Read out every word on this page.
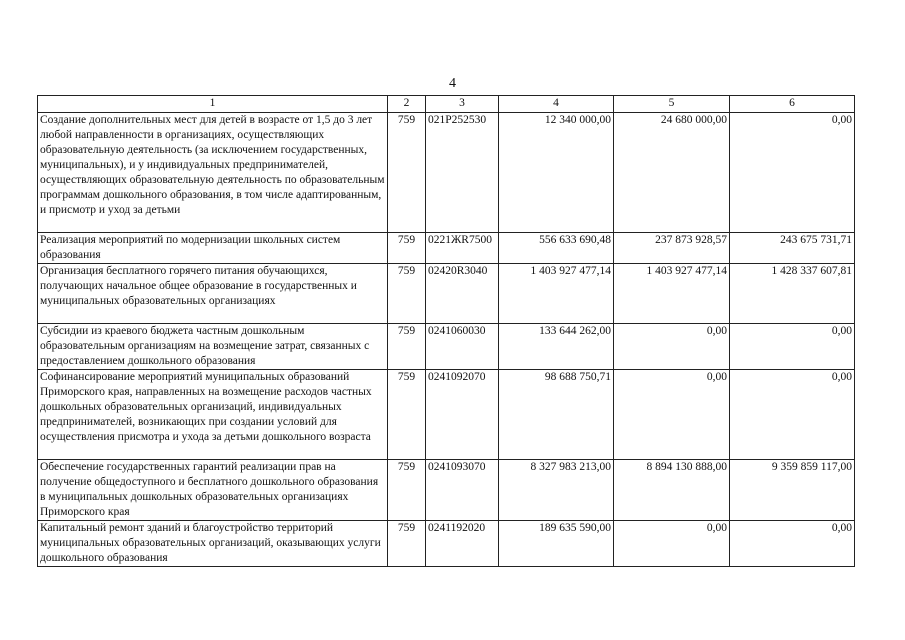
4
1	2	3	4	5	6
Создание дополнительных мест для детей в возрасте от 1,5 до 3 лет любой направленности в организациях, осуществляющих образовательную деятельность (за исключением государственных, муниципальных), и у индивидуальных предпринимателей, осуществляющих образовательную деятельность по образовательным программам дошкольного образования, в том числе адаптированным, и присмотр и уход за детьми	759	021P252530	12 340 000,00	24 680 000,00	0,00
Реализация мероприятий по модернизации школьных систем образования	759	0221ЖR7500	556 633 690,48	237 873 928,57	243 675 731,71
Организация бесплатного горячего питания обучающихся, получающих начальное общее образование в государственных и муниципальных образовательных организациях	759	02420R3040	1 403 927 477,14	1 403 927 477,14	1 428 337 607,81
Субсидии из краевого бюджета частным дошкольным образовательным организациям на возмещение затрат, связанных с предоставлением дошкольного образования	759	0241060030	133 644 262,00	0,00	0,00
Софинансирование мероприятий муниципальных образований Приморского края, направленных на возмещение расходов частных дошкольных образовательных организаций, индивидуальных предпринимателей, возникающих при создании условий для осуществления присмотра и ухода за детьми дошкольного возраста	759	0241092070	98 688 750,71	0,00	0,00
Обеспечение государственных гарантий реализации прав на получение общедоступного и бесплатного дошкольного образования в муниципальных дошкольных образовательных организациях Приморского края	759	0241093070	8 327 983 213,00	8 894 130 888,00	9 359 859 117,00
Капитальный ремонт зданий и благоустройство территорий муниципальных образовательных организаций, оказывающих услуги дошкольного образования	759	0241192020	189 635 590,00	0,00	0,00
